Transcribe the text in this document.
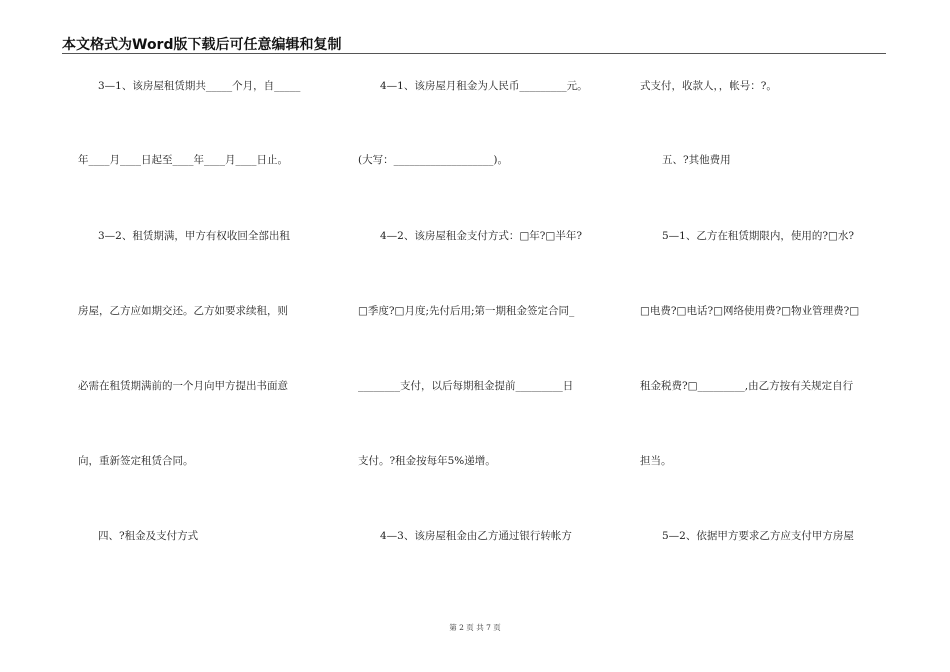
本文格式为Word版下载后可任意编辑和复制
3—1、该房屋租赁期共_____个月，自_____
年____月____日起至____年____月____日止。
3—2、租赁期满，甲方有权收回全部出租
房屋，乙方应如期交还。乙方如要求续租，则
必需在租赁期满前的一个月向甲方提出书面意
向，重新签定租赁合同。
四、?租金及支付方式
4—1、该房屋月租金为人民币_________元。
(大写：___________________)。
4—2、该房屋租金支付方式：□年?□半年?
□季度?□月度;先付后用;第一期租金签定合同_
________支付，以后每期租金提前_________日
支付。?租金按每年5%递增。
4—3、该房屋租金由乙方通过银行转帐方
式支付，收款人，，帐号：?。
五、?其他费用
5—1、乙方在租赁期限内，使用的?□水?
□电费?□电话?□网络使用费?□物业管理费?□
租金税费?□_________,由乙方按有关规定自行
担当。
5—2、依据甲方要求乙方应支付甲方房屋
第 2 页 共 7 页
